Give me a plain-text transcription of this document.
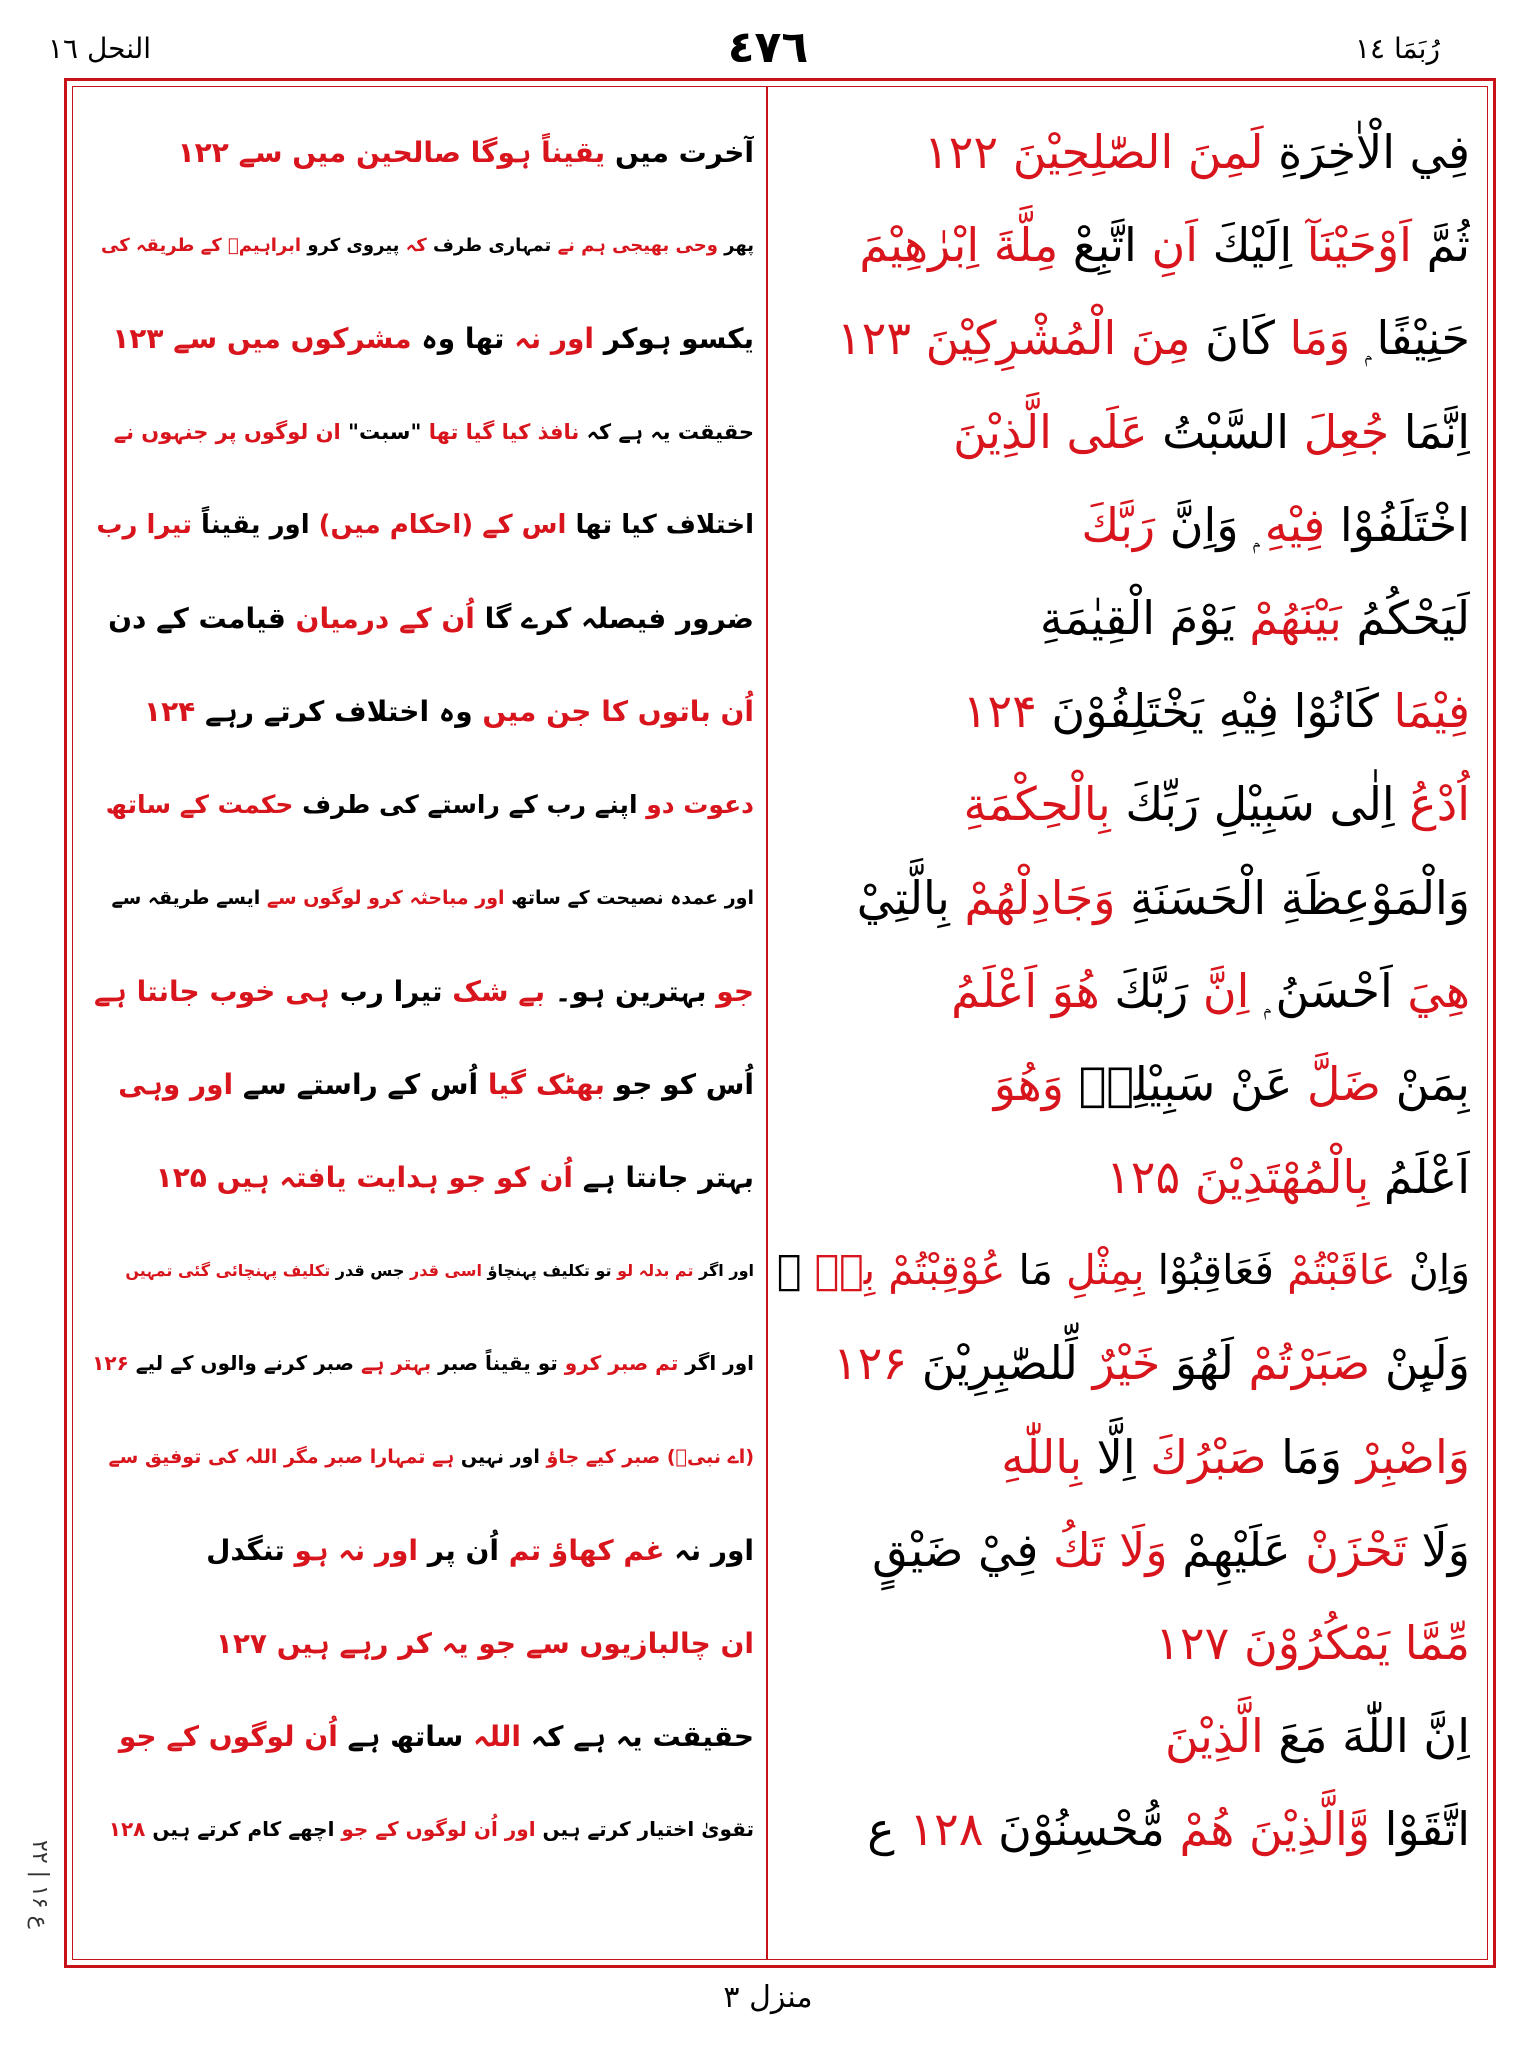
النحل ١٦	٤٧٦	رُبَمَا ١٤
فِي الْاٰخِرَةِ لَمِنَ الصّٰلِحِيْنَ ۱۲۲
آخرت میں یقیناً ہوگا صالحین میں سے ۱۲۲
ثُمَّ اَوْحَيْنَآ اِلَيْكَ اَنِ اتَّبِعْ مِلَّةَ اِبْرٰهِيْمَ
پھر وحی بھیجی ہم نے تمہاری طرف کہ پیروی کرو ابراہیمؑ کے طریقہ کی
حَنِيْفًا ۭ وَمَا كَانَ مِنَ الْمُشْرِكِيْنَ ۱۲۳
یکسو ہوکر اور نہ تھا وہ مشرکوں میں سے ۱۲۳
اِنَّمَا جُعِلَ السَّبْتُ عَلَى الَّذِيْنَ
حقیقت یہ ہے کہ نافذ کیا گیا تھا "سبت" ان لوگوں پر جنہوں نے
اخْتَلَفُوْا فِيْهِ ۭ وَاِنَّ رَبَّكَ
اختلاف کیا تھا اس کے (احکام میں) اور یقیناً تیرا رب
لَيَحْكُمُ بَيْنَهُمْ يَوْمَ الْقِيٰمَةِ
ضرور فیصلہ کرے گا اُن کے درمیان قیامت کے دن
فِيْمَا كَانُوْا فِيْهِ يَخْتَلِفُوْنَ ۱۲۴
اُن باتوں کا جن میں وہ اختلاف کرتے رہے ۱۲۴
اُدْعُ اِلٰى سَبِيْلِ رَبِّكَ بِالْحِكْمَةِ
دعوت دو اپنے رب کے راستے کی طرف حکمت کے ساتھ
وَالْمَوْعِظَةِ الْحَسَنَةِ وَجَادِلْهُمْ بِالَّتِيْ
اور عمدہ نصیحت کے ساتھ اور مباحثہ کرو لوگوں سے ایسے طریقہ سے
هِيَ اَحْسَنُ ۭ اِنَّ رَبَّكَ هُوَ اَعْلَمُ
جو بہترین ہو۔ بے شک تیرا رب ہی خوب جانتا ہے
بِمَنْ ضَلَّ عَنْ سَبِيْلِهٖ وَهُوَ
اُس کو جو بھٹک گیا اُس کے راستے سے اور وہی
اَعْلَمُ بِالْمُهْتَدِيْنَ ۱۲۵
بہتر جانتا ہے اُن کو جو ہدایت یافتہ ہیں ۱۲۵
وَاِنْ عَاقَبْتُمْ فَعَاقِبُوْا بِمِثْلِ مَا عُوْقِبْتُمْ بِهٖ ۭ
اور اگر تم بدلہ لو تو تکلیف پہنچاؤ اسی قدر جس قدر تکلیف پہنچائی گئی تمہیں
وَلَىِٕنْ صَبَرْتُمْ لَهُوَ خَيْرٌ لِّلصّٰبِرِيْنَ ۱۲۶
اور اگر تم صبر کرو تو یقیناً صبر بہتر ہے صبر کرنے والوں کے لیے ۱۲۶
وَاصْبِرْ وَمَا صَبْرُكَ اِلَّا بِاللّٰهِ
(اے نبیؐ) صبر کیے جاؤ اور نہیں ہے تمہارا صبر مگر اللہ کی توفیق سے
وَلَا تَحْزَنْ عَلَيْهِمْ وَلَا تَكُ فِيْ ضَيْقٍ
اور نہ غم کھاؤ تم اُن پر اور نہ ہو تنگدل
مِّمَّا يَمْكُرُوْنَ ۱۲۷
ان چالبازیوں سے جو یہ کر رہے ہیں ۱۲۷
اِنَّ اللّٰهَ مَعَ الَّذِيْنَ
حقیقت یہ ہے کہ اللہ ساتھ ہے اُن لوگوں کے جو
اتَّقَوْا وَّالَّذِيْنَ هُمْ مُّحْسِنُوْنَ ۱۲۸ ع
تقویٰ اختیار کرتے ہیں اور اُن لوگوں کے جو اچھے کام کرتے ہیں ۱۲۸
ع ۱۶ | ۲۲
منزل ۳
